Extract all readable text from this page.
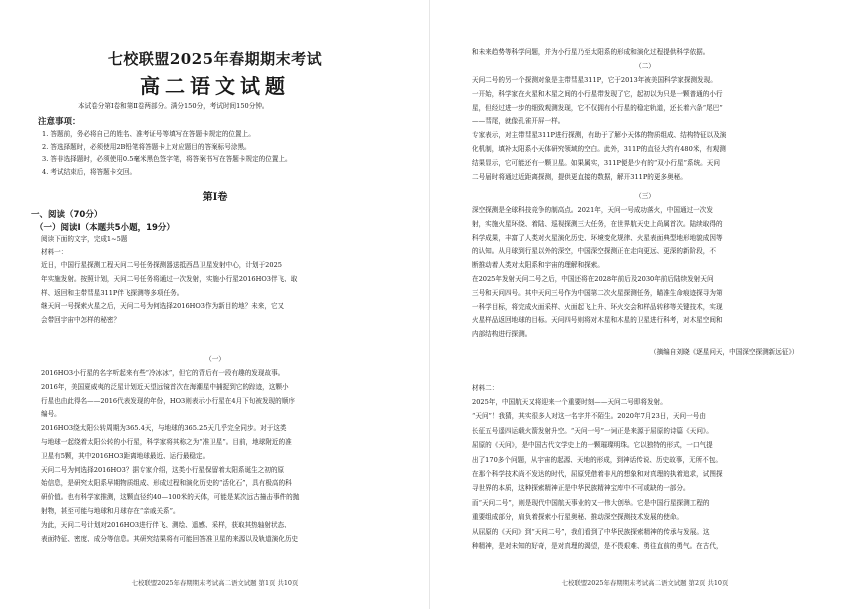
七校联盟2025年春期期末考试
高二语文试题
本试卷分第Ⅰ卷和第Ⅱ卷两部分。满分150分，考试时间150分钟。
注意事项：
1. 答题前，务必将自己的姓名、准考证号等填写在答题卡规定的位置上。
2. 答选择题时，必须使用2B铅笔将答题卡上对应题目的答案标号涂黑。
3. 答非选择题时，必须使用0.5毫米黑色签字笔，将答案书写在答题卡规定的位置上。
4. 考试结束后，将答题卡交回。
第Ⅰ卷
一、阅读（70分）
（一）阅读Ⅰ（本题共5小题，19分）
阅读下面的文字，完成1~5题
材料一：
近日，中国行星探测工程天问二号任务探测器送抵西昌卫星发射中心，计划于2025
年实施发射。按照计划，天问二号任务将通过一次发射，实施小行星2016HO3伴飞、取
样、返回和主带彗星311P伴飞探测等多项任务。
继天问一号探索火星之后，天问二号为何选择2016HO3作为新目的地？未来，它又
会带回宇宙中怎样的秘密？
（一）
2016HO3小行星的名字听起来有些“冷冰冰”，但它的背后有一段有趣的发现故事。
2016年，美国夏威夷的泛星计划近天望远镜首次在海潮星中捕捉到它的踪迹，这颗小
行星也由此得名——2016代表发现的年份，HO3则表示小行星在4月下旬被发现的顺序
编号。
2016HO3绕太阳公转周期为365.4天，与地球的365.25天几乎完全同步。对于这类
与地球一起绕着太阳公转的小行星，科学家将其称之为“准卫星”。目前，地球附近的准
卫星有5颗，其中2016HO3距离地球最近、运行最稳定。
天问二号为何选择2016HO3？据专家介绍，这类小行星保留着太阳系诞生之初的原
始信息，是研究太阳系早期物质组成、形成过程和演化历史的“活化石”，具有极高的科
研价值。也有科学家推测，这颗直径约40—100米的天体，可能是某次远古撞击事件的抛
射物，甚至可能与地球和月球存在“亲戚关系”。
为此，天问二号计划对2016HO3进行伴飞、测绘、遥感、采样，获取其热轴射状态、
表面特征、密度、成分等信息。其研究结果将有可能回答准卫星的来源以及轨道演化历史
七校联盟2025年春期期末考试高二语文试题 第1页 共10页
和未来趋势等科学问题，并为小行星乃至太阳系的形成和演化过程提供科学依据。
（二）
天问二号的另一个探测对象是主带彗星311P，它于2013年被美国科学家探测发现。
一开始，科学家在火星和木星之间的小行星带发现了它，起初以为只是一颗普通的小行
星，但经过进一步的细致观测发现，它不仅拥有小行星的稳定轨道，还长着六条“尾巴”
——彗尾，就像孔雀开屏一样。
专家表示，对主带彗星311P进行探测，有助于了解小天体的物质组成、结构特征以及演
化机制，填补太阳系小天体研究领域的空白。此外，311P的直径大约有480米，有观测
结果显示，它可能还有一颗卫星。如果属实，311P便是少有的“双小行星”系统。天问
二号届时将通过近距离探测，提供更直接的数据，解开311P的更多奥秘。
（三）
深空探测是全球科技竞争的制高点。2021年，天问一号成功落火，中国通过一次发
射，实施火星环绕、着陆、巡视探测三大任务，在世界航天史上尚属首次。陆续取得的
科学成果，丰富了人类对火星演化历史、环境变化规律、火星表面典型地形地貌成因等
的认知。从月球到行星以外的深空，中国深空探测正在走向更远、更深的新阶段，不
断推动着人类对太阳系和宇宙的理解和探索。
在2025年发射天问二号之后，中国还将在2028年前后及2030年前后陆续发射天问
三号和天问四号。其中天问三号作为中国第二次火星探测任务，瞄准生命痕迹探寻为第
一科学目标，将完成火面采样、火面起飞上升、环火交会和样品转移等关键技术，实现
火星样品返回地球的目标。天问四号则将对木星和木星的卫星进行科考，对木星空间和
内部结构进行探测。
（摘编自刘晓《逐星问天，中国深空探测新远征》）
材料二：
2025年，中国航天又将迎来一个重要时刻——天问二号即将发射。
“天问”！我猜，其实很多人对这一名字并不陌生。2020年7月23日，天问一号由
长征五号遥四运载火箭发射升空。“天问一号”一词正是来源于屈原的诗篇《天问》。
屈原的《天问》，是中国古代文学史上的一颗璀璨明珠。它以独特的形式，一口气提
出了170多个问题，从宇宙的起源、天地的形成，到神话传说、历史故事，无所不包。
在那个科学技术尚不发达的时代，屈原凭借着非凡的想象和对真理的执着追求，试图探
寻世界的本质，这种探索精神正是中华民族精神宝库中不可或缺的一部分。
而“天问二号”，则是现代中国航天事业的又一伟大创举。它是中国行星探测工程的
重要组成部分，肩负着探索小行星奥秘、推动深空探测技术发展的使命。
从屈原的《天问》到“天问二号”，我们看到了中华民族探索精神的传承与发展。这
种精神，是对未知的好奇，是对真理的渴望，是不畏艰难、勇往直前的勇气。在古代，
七校联盟2025年春期期末考试高二语文试题 第2页 共10页
